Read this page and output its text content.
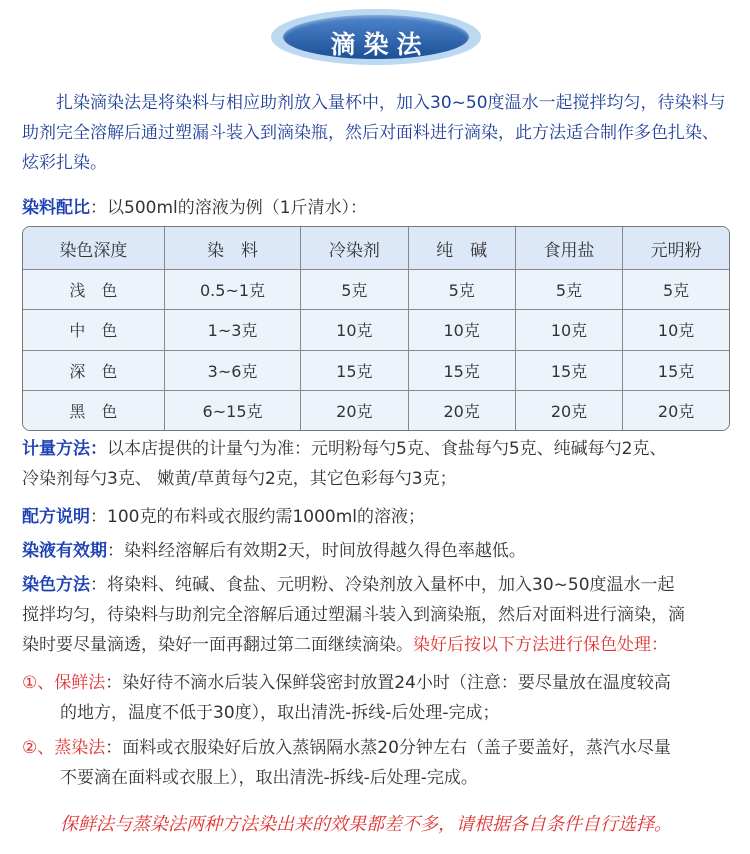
滴染法
扎染滴染法是将染料与相应助剂放入量杯中，加入30~50度温水一起搅拌均匀，待染料与助剂完全溶解后通过塑漏斗装入到滴染瓶，然后对面料进行滴染，此方法适合制作多色扎染、炫彩扎染。
染料配比：以500ml的溶液为例（1斤清水）：
染色深度	染　料	冷染剂	纯　碱	食用盐	元明粉
浅　色	0.5~1克	5克	5克	5克	5克
中　色	1~3克	10克	10克	10克	10克
深　色	3~6克	15克	15克	15克	15克
黑　色	6~15克	20克	20克	20克	20克
计量方法：以本店提供的计量勺为准：元明粉每勺5克、食盐每勺5克、纯碱每勺2克、
冷染剂每勺3克、 嫩黄/草黄每勺2克，其它色彩每勺3克；
配方说明：100克的布料或衣服约需1000ml的溶液；
染液有效期：染料经溶解后有效期2天，时间放得越久得色率越低。
染色方法：将染料、纯碱、食盐、元明粉、冷染剂放入量杯中，加入30~50度温水一起
搅拌均匀，待染料与助剂完全溶解后通过塑漏斗装入到滴染瓶，然后对面料进行滴染，滴
染时要尽量滴透，染好一面再翻过第二面继续滴染。染好后按以下方法进行保色处理：
①、保鲜法：染好待不滴水后装入保鲜袋密封放置24小时（注意：要尽量放在温度较高
的地方，温度不低于30度），取出清洗-拆线-后处理-完成；
②、蒸染法：面料或衣服染好后放入蒸锅隔水蒸20分钟左右（盖子要盖好，蒸汽水尽量
不要滴在面料或衣服上），取出清洗-拆线-后处理-完成。
保鲜法与蒸染法两种方法染出来的效果都差不多，请根据各自条件自行选择。
